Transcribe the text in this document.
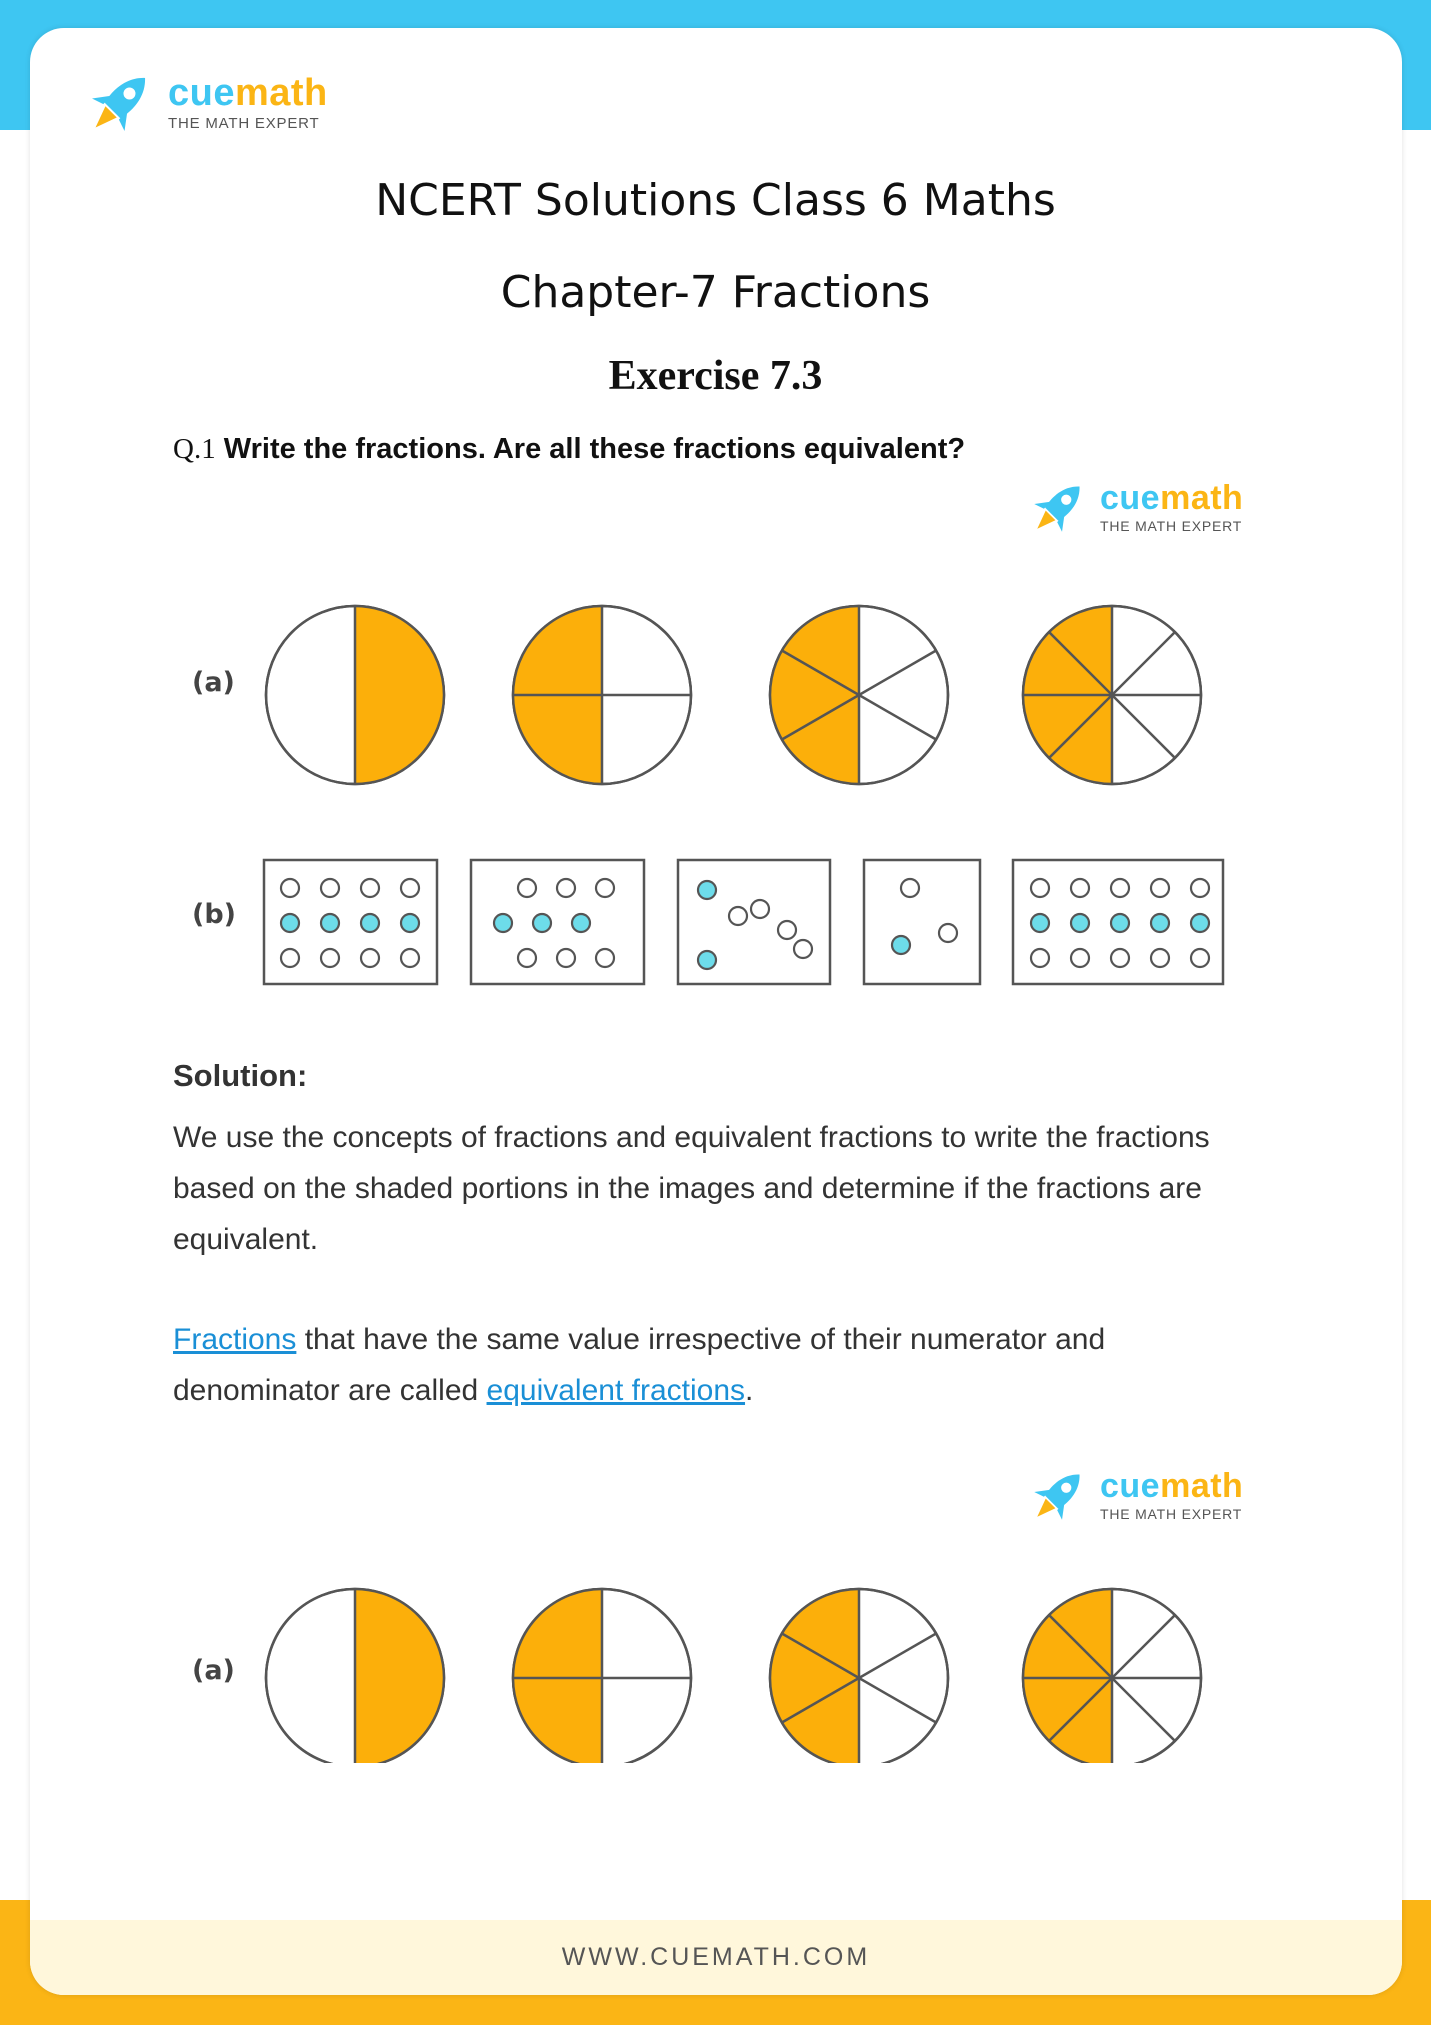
WWW.CUEMATH.COM
cuemath
THE MATH EXPERT
NCERT Solutions Class 6 Maths
Chapter-7 Fractions
Exercise 7.3
Q.1 Write the fractions. Are all these fractions equivalent?
cuemath
THE MATH EXPERT
(a)
(b)
Solution:
We use the concepts of fractions and equivalent fractions to write the fractions based on the shaded portions in the images and determine if the fractions are equivalent.
Fractions that have the same value irrespective of their numerator and denominator are called equivalent fractions.
cuemath
THE MATH EXPERT
(a)
